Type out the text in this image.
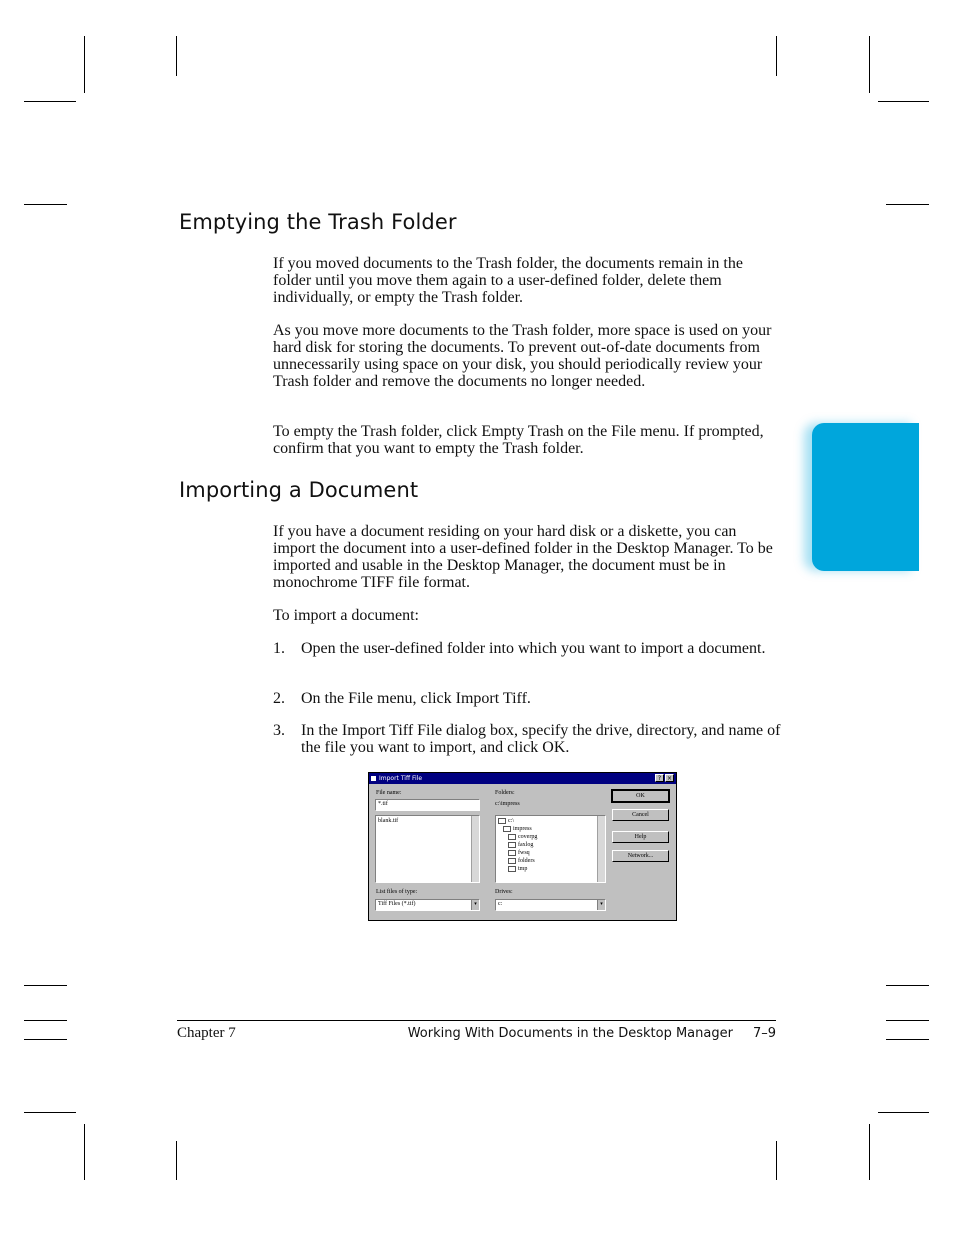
Emptying the Trash Folder

If you moved documents to the Trash folder, the documents remain in the folder until you move them again to a user-defined folder, delete them individually, or empty the Trash folder.

As you move more documents to the Trash folder, more space is used on your hard disk for storing the documents. To prevent out-of-date documents from unnecessarily using space on your disk, you should periodically review your Trash folder and remove the documents no longer needed.

To empty the Trash folder, click Empty Trash on the File menu. If prompted, confirm that you want to empty the Trash folder.

Importing a Document

If you have a document residing on your hard disk or a diskette, you can import the document into a user-defined folder in the Desktop Manager. To be imported and usable in the Desktop Manager, the document must be in monochrome TIFF file format.

To import a document:

1. Open the user-defined folder into which you want to import a document.
2. On the File menu, click Import Tiff.
3. In the Import Tiff File dialog box, specify the drive, directory, and name of the file you want to import, and click OK.
Import Tiff File	? ×
File name:
*.tif
blank.tif
Folders:
c:\impress
c:\
impress
coverpg
faxlog
fwsq
folders
tmp
List files of type:
Tiff Files (*.tif)	▾
Drives:
c:	▾
OK
Cancel
Help
Network...
Chapter 7	Working With Documents in the Desktop Manager 7–9
